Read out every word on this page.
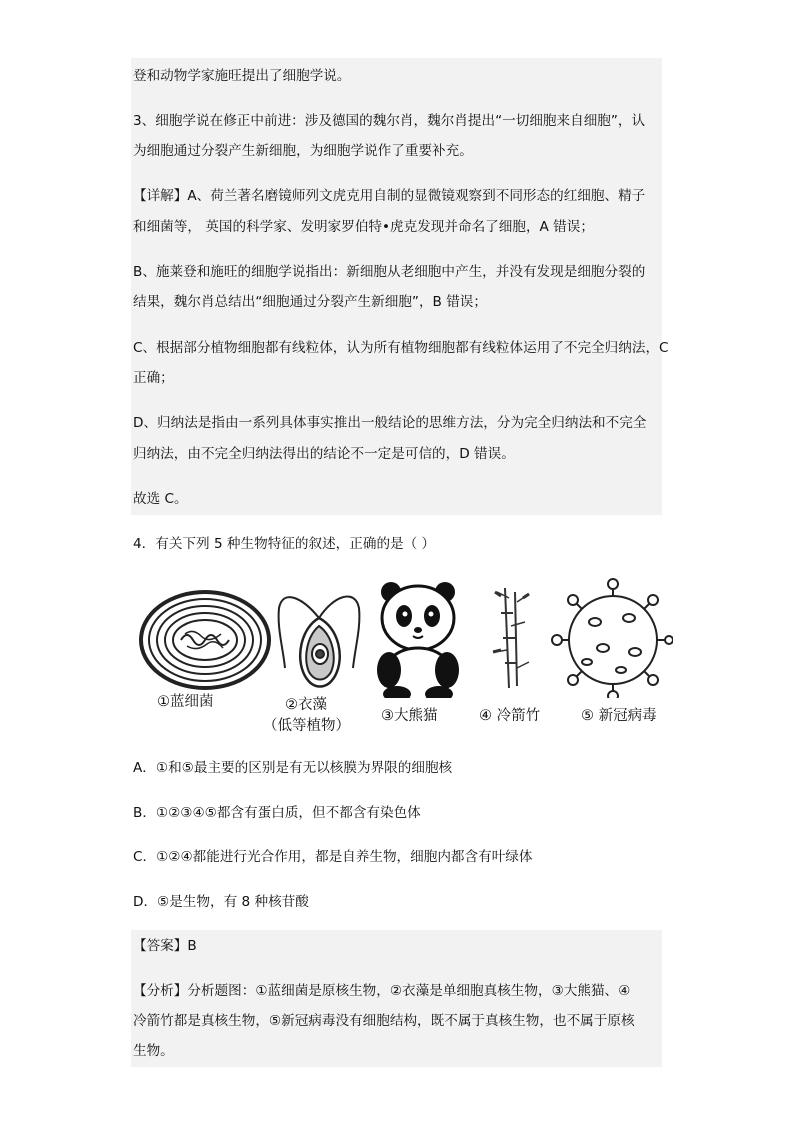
登和动物学家施旺提出了细胞学说。
3、细胞学说在修正中前进：涉及德国的魏尔肖，魏尔肖提出“一切细胞来自细胞”，认
为细胞通过分裂产生新细胞，为细胞学说作了重要补充。
【详解】A、荷兰著名磨镜师列文虎克用自制的显微镜观察到不同形态的红细胞、精子
和细菌等， 英国的科学家、发明家罗伯特•虎克发现并命名了细胞，A 错误；
B、施莱登和施旺的细胞学说指出：新细胞从老细胞中产生，并没有发现是细胞分裂的
结果，魏尔肖总结出“细胞通过分裂产生新细胞”，B 错误；
C、根据部分植物细胞都有线粒体，认为所有植物细胞都有线粒体运用了不完全归纳法，C
正确；
D、归纳法是指由一系列具体事实推出一般结论的思维方法，分为完全归纳法和不完全
归纳法，由不完全归纳法得出的结论不一定是可信的，D 错误。
故选 C。
4．有关下列 5 种生物特征的叙述，正确的是（ ）
①蓝细菌	②衣藻
（低等植物）
③大熊猫	④ 冷箭竹	⑤ 新冠病毒
A．①和⑤最主要的区别是有无以核膜为界限的细胞核
B．①②③④⑤都含有蛋白质，但不都含有染色体
C．①②④都能进行光合作用，都是自养生物，细胞内都含有叶绿体
D．⑤是生物，有 8 种核苷酸
【答案】B
【分析】分析题图：①蓝细菌是原核生物，②衣藻是单细胞真核生物，③大熊猫、④
冷箭竹都是真核生物，⑤新冠病毒没有细胞结构，既不属于真核生物，也不属于原核
生物。
